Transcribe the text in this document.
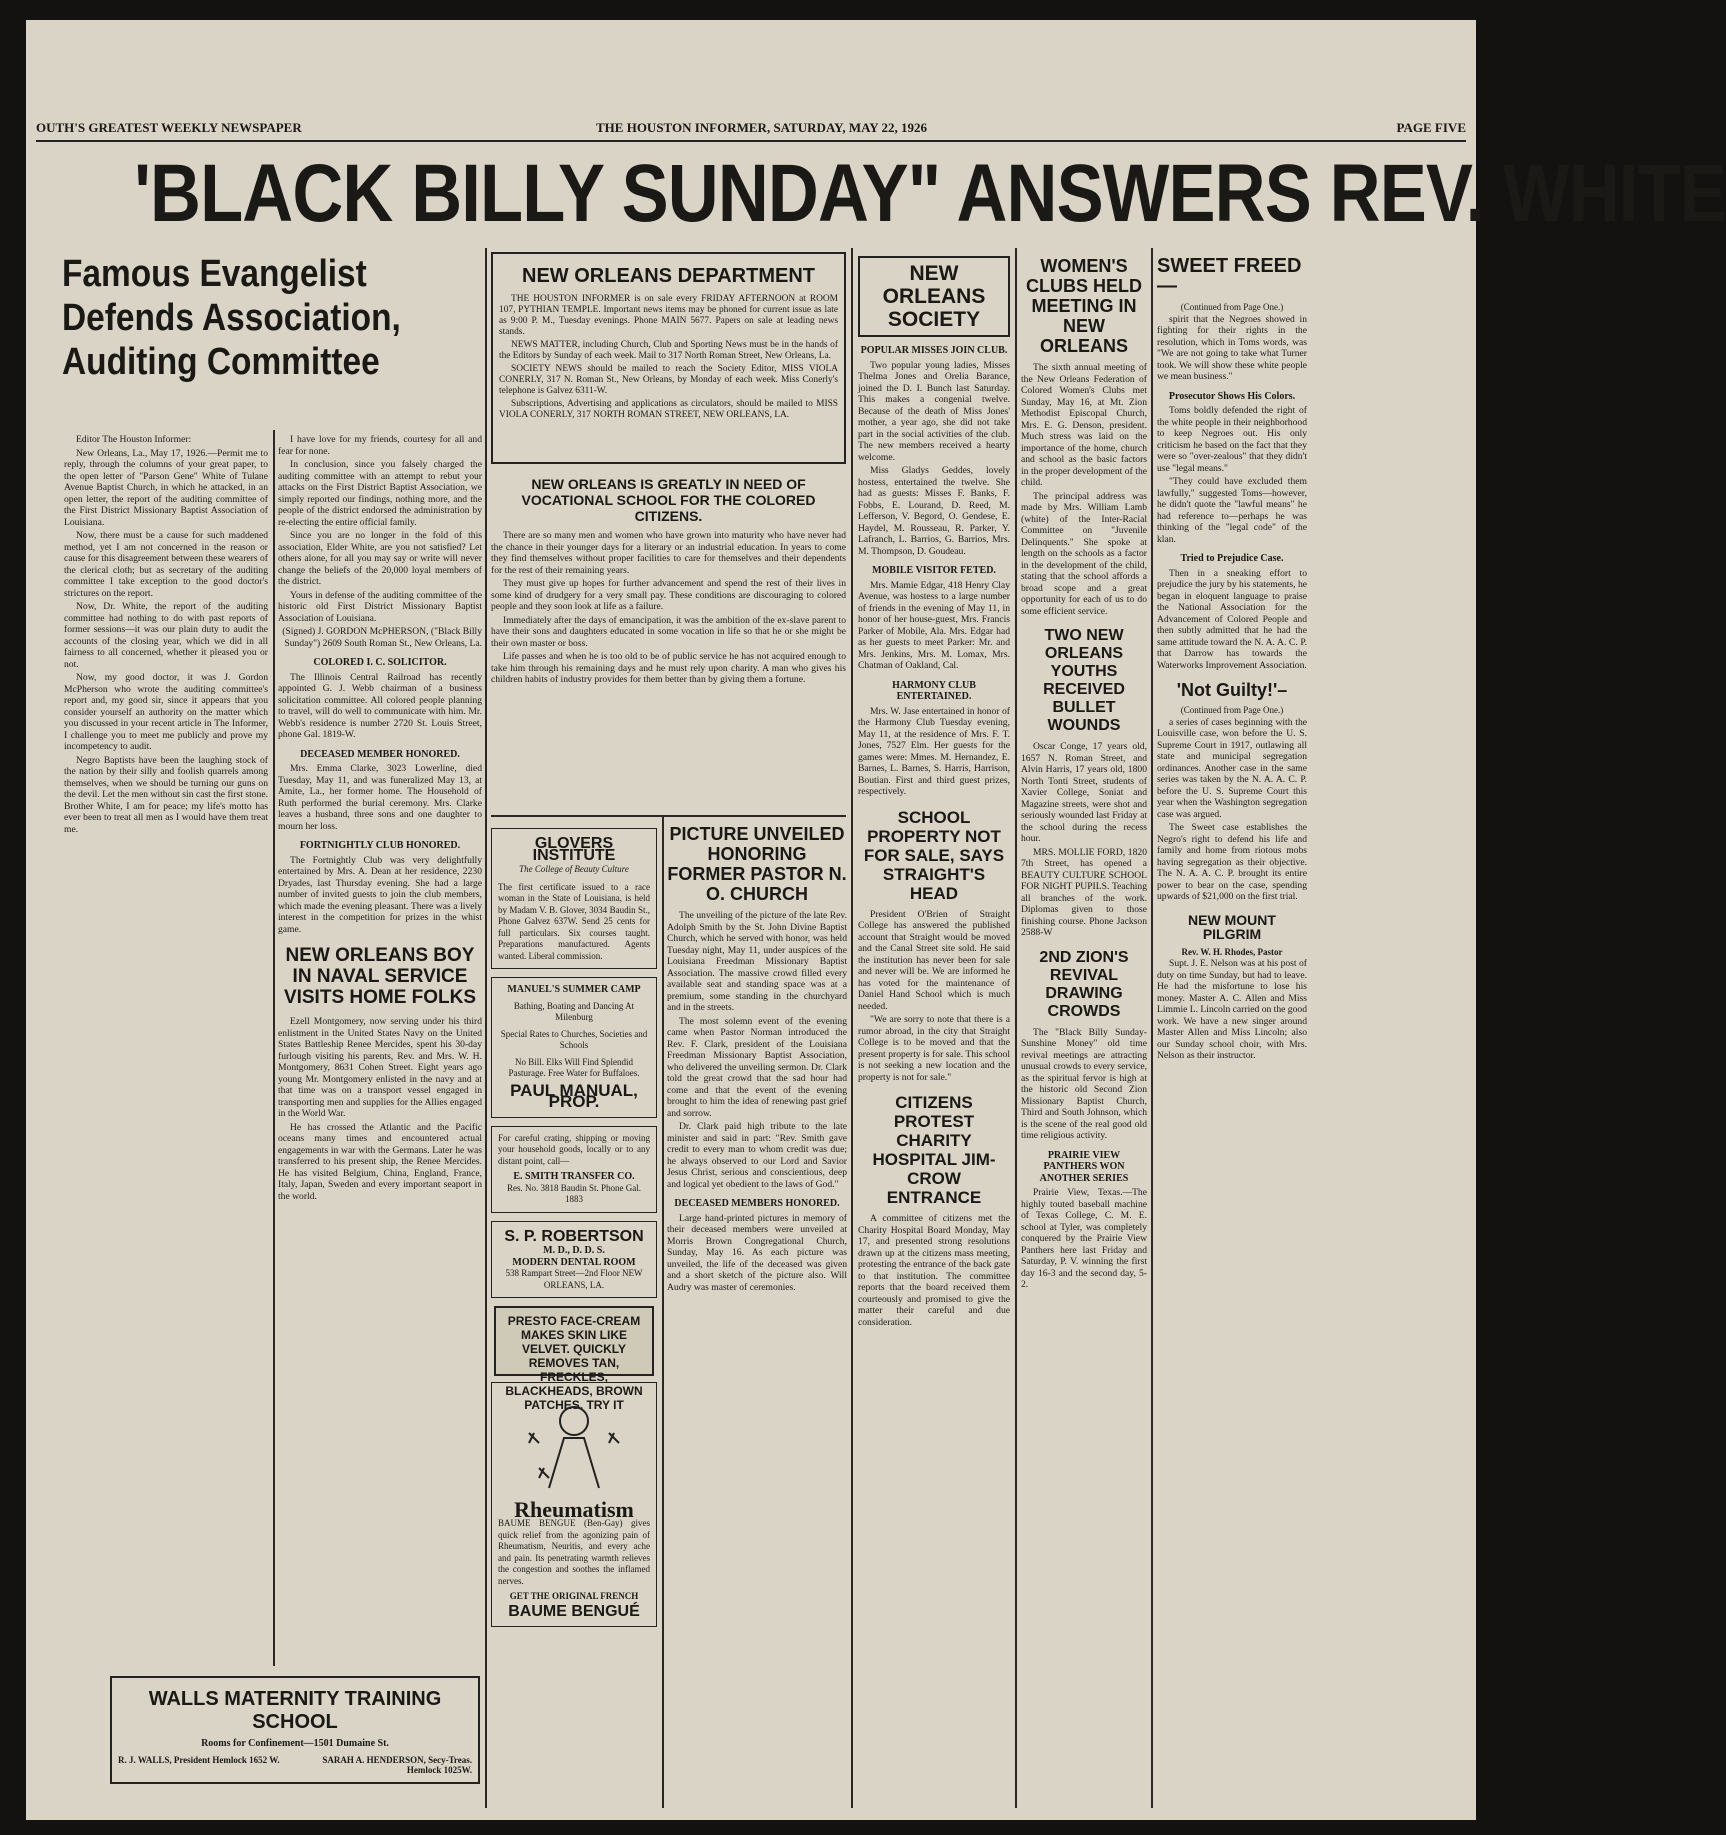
OUTH'S GREATEST WEEKLY NEWSPAPER	THE HOUSTON INFORMER, SATURDAY, MAY 22, 1926	PAGE FIVE
'BLACK BILLY SUNDAY" ANSWERS REV. WHITE
Famous Evangelist Defends Association, Auditing Committee

Editor The Houston Informer:

New Orleans, La., May 17, 1926.—Permit me to reply, through the columns of your great paper, to the open letter of "Parson Gene" White of Tulane Avenue Baptist Church, in which he attacked, in an open letter, the report of the auditing committee of the First District Missionary Baptist Association of Louisiana.

Now, there must be a cause for such maddened method, yet I am not concerned in the reason or cause for this disagreement between these wearers of the clerical cloth; but as secretary of the auditing committee I take exception to the good doctor's strictures on the report.

Now, Dr. White, the report of the auditing committee had nothing to do with past reports of former sessions—it was our plain duty to audit the accounts of the closing year, which we did in all fairness to all concerned, whether it pleased you or not.

Now, my good doctor, it was J. Gordon McPherson who wrote the auditing committee's report and, my good sir, since it appears that you consider yourself an authority on the matter which you discussed in your recent article in The Informer, I challenge you to meet me publicly and prove my incompetency to audit.

Negro Baptists have been the laughing stock of the nation by their silly and foolish quarrels among themselves, when we should be turning our guns on the devil. Let the men without sin cast the first stone. Brother White, I am for peace; my life's motto has ever been to treat all men as I would have them treat me.

I have love for my friends, courtesy for all and fear for none.

In conclusion, since you falsely charged the auditing committee with an attempt to rebut your attacks on the First District Baptist Association, we simply reported our findings, nothing more, and the people of the district endorsed the administration by re-electing the entire official family.

Since you are no longer in the fold of this association, Elder White, are you not satisfied? Let others alone, for all you may say or write will never change the beliefs of the 20,000 loyal members of the district.

Yours in defense of the auditing committee of the historic old First District Missionary Baptist Association of Louisiana.

(Signed) J. GORDON McPHERSON, ("Black Billy Sunday") 2609 South Roman St., New Orleans, La.

COLORED I. C. SOLICITOR.

The Illinois Central Railroad has recently appointed G. J. Webb chairman of a business solicitation committee. All colored people planning to travel, will do well to communicate with him. Mr. Webb's residence is number 2720 St. Louis Street, phone Gal. 1819-W.

DECEASED MEMBER HONORED.

Mrs. Emma Clarke, 3023 Lowerline, died Tuesday, May 11, and was funeralized May 13, at Amite, La., her former home. The Household of Ruth performed the burial ceremony. Mrs. Clarke leaves a husband, three sons and one daughter to mourn her loss.

FORTNIGHTLY CLUB HONORED.

The Fortnightly Club was very delightfully entertained by Mrs. A. Dean at her residence, 2230 Dryades, last Thursday evening. She had a large number of invited guests to join the club members, which made the evening pleasant. There was a lively interest in the competition for prizes in the whist game.

NEW ORLEANS BOY IN NAVAL SERVICE VISITS HOME FOLKS

Ezell Montgomery, now serving under his third enlistment in the United States Navy on the United States Battleship Renee Mercides, spent his 30-day furlough visiting his parents, Rev. and Mrs. W. H. Montgomery, 8631 Cohen Street. Eight years ago young Mr. Montgomery enlisted in the navy and at that time was on a transport vessel engaged in transporting men and supplies for the Allies engaged in the World War.

He has crossed the Atlantic and the Pacific oceans many times and encountered actual engagements in war with the Germans. Later he was transferred to his present ship, the Renee Mercides. He has visited Belgium, China, England, France, Italy, Japan, Sweden and every important seaport in the world.

WALLS MATERNITY TRAINING SCHOOL
Rooms for Confinement—1501 Dumaine St.
R. J. WALLS, President Hemlock 1652 W.	SARAH A. HENDERSON, Secy-Treas. Hemlock 1025W.
NEW ORLEANS DEPARTMENT

THE HOUSTON INFORMER is on sale every FRIDAY AFTERNOON at ROOM 107, PYTHIAN TEMPLE. Important news items may be phoned for current issue as late as 9:00 P. M., Tuesday evenings. Phone MAIN 5677. Papers on sale at leading news stands.

NEWS MATTER, including Church, Club and Sporting News must be in the hands of the Editors by Sunday of each week. Mail to 317 North Roman Street, New Orleans, La.

SOCIETY NEWS should be mailed to reach the Society Editor, MISS VIOLA CONERLY, 317 N. Roman St., New Orleans, by Monday of each week. Miss Conerly's telephone is Galvez 6311-W.

Subscriptions, Advertising and applications as circulators, should be mailed to MISS VIOLA CONERLY, 317 NORTH ROMAN STREET, NEW ORLEANS, LA.

NEW ORLEANS IS GREATLY IN NEED OF VOCATIONAL SCHOOL FOR THE COLORED CITIZENS.

There are so many men and women who have grown into maturity who have never had the chance in their younger days for a literary or an industrial education. In years to come they find themselves without proper facilities to care for themselves and their dependents for the rest of their remaining years.

They must give up hopes for further advancement and spend the rest of their lives in some kind of drudgery for a very small pay. These conditions are discouraging to colored people and they soon look at life as a failure.

Immediately after the days of emancipation, it was the ambition of the ex-slave parent to have their sons and daughters educated in some vocation in life so that he or she might be their own master or boss.

Life passes and when he is too old to be of public service he has not acquired enough to take him through his remaining days and he must rely upon charity. A man who gives his children habits of industry provides for them better than by giving them a fortune.

GLOVERS INSTITUTE
The College of Beauty Culture
The first certificate issued to a race woman in the State of Louisiana, is held by Madam V. B. Glover, 3034 Baudin St., Phone Galvez 637W. Send 25 cents for full particulars. Six courses taught. Preparations manufactured. Agents wanted. Liberal commission.
MANUEL'S SUMMER CAMP
Bathing, Boating and Dancing At Milenburg
Special Rates to Churches, Societies and Schools
No Bill. Elks Will Find Splendid Pasturage. Free Water for Buffaloes.
PAUL MANUAL, PROP.
For careful crating, shipping or moving your household goods, locally or to any distant point, call—
E. SMITH TRANSFER CO.
Res. No. 3818 Baudin St. Phone Gal. 1883
S. P. ROBERTSON
M. D., D. D. S.
MODERN DENTAL ROOM
538 Rampart Street—2nd Floor NEW ORLEANS, LA.
PRESTO FACE-CREAM MAKES SKIN LIKE VELVET. QUICKLY REMOVES TAN, FRECKLES, BLACKHEADS, BROWN PATCHES. TRY IT
Rheumatism
BAUME BENGUE (Ben-Gay) gives quick relief from the agonizing pain of Rheumatism, Neuritis, and every ache and pain. Its penetrating warmth relieves the congestion and soothes the inflamed nerves.
GET THE ORIGINAL FRENCH
BAUME BENGUÉ
PICTURE UNVEILED HONORING FORMER PASTOR N. O. CHURCH

The unveiling of the picture of the late Rev. Adolph Smith by the St. John Divine Baptist Church, which he served with honor, was held Tuesday night, May 11, under auspices of the Louisiana Freedman Missionary Baptist Association. The massive crowd filled every available seat and standing space was at a premium, some standing in the churchyard and in the streets.

The most solemn event of the evening came when Pastor Norman introduced the Rev. F. Clark, president of the Louisiana Freedman Missionary Baptist Association, who delivered the unveiling sermon. Dr. Clark told the great crowd that the sad hour had come and that the event of the evening brought to him the idea of renewing past grief and sorrow.

Dr. Clark paid high tribute to the late minister and said in part: "Rev. Smith gave credit to every man to whom credit was due; he always observed to our Lord and Savior Jesus Christ, serious and conscientious, deep and logical yet obedient to the laws of God."

DECEASED MEMBERS HONORED.

Large hand-printed pictures in memory of their deceased members were unveiled at Morris Brown Congregational Church, Sunday, May 16. As each picture was unveiled, the life of the deceased was given and a short sketch of the picture also. Will Audry was master of ceremonies.

NEW ORLEANS SOCIETY
POPULAR MISSES JOIN CLUB.

Two popular young ladies, Misses Thelma Jones and Orelia Barance, joined the D. I. Bunch last Saturday. This makes a congenial twelve. Because of the death of Miss Jones' mother, a year ago, she did not take part in the social activities of the club. The new members received a hearty welcome.

Miss Gladys Geddes, lovely hostess, entertained the twelve. She had as guests: Misses F. Banks, F. Fobbs, E. Lourand, D. Reed, M. Lefferson, V. Begord, O. Gendese, E. Haydel, M. Rousseau, R. Parker, Y. Lafranch, L. Barrios, G. Barrios, Mrs. M. Thompson, D. Goudeau.

MOBILE VISITOR FETED.

Mrs. Mamie Edgar, 418 Henry Clay Avenue, was hostess to a large number of friends in the evening of May 11, in honor of her house-guest, Mrs. Francis Parker of Mobile, Ala. Mrs. Edgar had as her guests to meet Parker: Mr. and Mrs. Jenkins, Mrs. M. Lomax, Mrs. Chatman of Oakland, Cal.

HARMONY CLUB ENTERTAINED.

Mrs. W. Jase entertained in honor of the Harmony Club Tuesday evening, May 11, at the residence of Mrs. F. T. Jones, 7527 Elm. Her guests for the games were: Mmes. M. Hernandez, E. Barnes, L. Barnes, S. Harris, Harrison, Boutian. First and third guest prizes, respectively.

SCHOOL PROPERTY NOT FOR SALE, SAYS STRAIGHT'S HEAD

President O'Brien of Straight College has answered the published account that Straight would be moved and the Canal Street site sold. He said the institution has never been for sale and never will be. We are informed he has voted for the maintenance of Daniel Hand School which is much needed.

"We are sorry to note that there is a rumor abroad, in the city that Straight College is to be moved and that the present property is for sale. This school is not seeking a new location and the property is not for sale."

CITIZENS PROTEST CHARITY HOSPITAL JIM-CROW ENTRANCE

A committee of citizens met the Charity Hospital Board Monday, May 17, and presented strong resolutions drawn up at the citizens mass meeting, protesting the entrance of the back gate to that institution. The committee reports that the board received them courteously and promised to give the matter their careful and due consideration.

WOMEN'S CLUBS HELD MEETING IN NEW ORLEANS

The sixth annual meeting of the New Orleans Federation of Colored Women's Clubs met Sunday, May 16, at Mt. Zion Methodist Episcopal Church, Mrs. E. G. Denson, president. Much stress was laid on the importance of the home, church and school as the basic factors in the proper development of the child.

The principal address was made by Mrs. William Lamb (white) of the Inter-Racial Committee on "Juvenile Delinquents." She spoke at length on the schools as a factor in the development of the child, stating that the school affords a broad scope and a great opportunity for each of us to do some efficient service.

TWO NEW ORLEANS YOUTHS RECEIVED BULLET WOUNDS

Oscar Conge, 17 years old, 1657 N. Roman Street, and Alvin Harris, 17 years old, 1800 North Tonti Street, students of Xavier College, Soniat and Magazine streets, were shot and seriously wounded last Friday at the school during the recess hour.

MRS. MOLLIE FORD, 1820 7th Street, has opened a BEAUTY CULTURE SCHOOL FOR NIGHT PUPILS. Teaching all branches of the work. Diplomas given to those finishing course. Phone Jackson 2588-W

2ND ZION'S REVIVAL DRAWING CROWDS

The "Black Billy Sunday-Sunshine Money" old time revival meetings are attracting unusual crowds to every service, as the spiritual fervor is high at the historic old Second Zion Missionary Baptist Church, Third and South Johnson, which is the scene of the real good old time religious activity.

PRAIRIE VIEW PANTHERS WON ANOTHER SERIES

Prairie View, Texas.—The highly touted baseball machine of Texas College, C. M. E. school at Tyler, was completely conquered by the Prairie View Panthers here last Friday and Saturday, P. V. winning the first day 16-3 and the second day, 5-2.

SWEET FREED—
(Continued from Page One.)

spirit that the Negroes showed in fighting for their rights in the resolution, which in Toms words, was "We are not going to take what Turner took. We will show these white people we mean business."

Prosecutor Shows His Colors.

Toms boldly defended the right of the white people in their neighborhood to keep Negroes out. His only criticism he based on the fact that they were so "over-zealous" that they didn't use "legal means."

"They could have excluded them lawfully," suggested Toms—however, he didn't quote the "lawful means" he had reference to—perhaps he was thinking of the "legal code" of the klan.

Tried to Prejudice Case.

Then in a sneaking effort to prejudice the jury by his statements, he began in eloquent language to praise the National Association for the Advancement of Colored People and then subtly admitted that he had the same attitude toward the N. A. A. C. P. that Darrow has towards the Waterworks Improvement Association.

'Not Guilty!'–
(Continued from Page One.)

a series of cases beginning with the Louisville case, won before the U. S. Supreme Court in 1917, outlawing all state and municipal segregation ordinances. Another case in the same series was taken by the N. A. A. C. P. before the U. S. Supreme Court this year when the Washington segregation case was argued.

The Sweet case establishes the Negro's right to defend his life and family and home from riotous mobs having segregation as their objective. The N. A. A. C. P. brought its entire power to bear on the case, spending upwards of $21,000 on the first trial.

NEW MOUNT PILGRIM
Rev. W. H. Rhodes, Pastor

Supt. J. E. Nelson was at his post of duty on time Sunday, but had to leave. He had the misfortune to lose his money. Master A. C. Allen and Miss Limmie L. Lincoln carried on the good work. We have a new singer around Master Allen and Miss Lincoln; also our Sunday school choir, with Mrs. Nelson as their instructor.
